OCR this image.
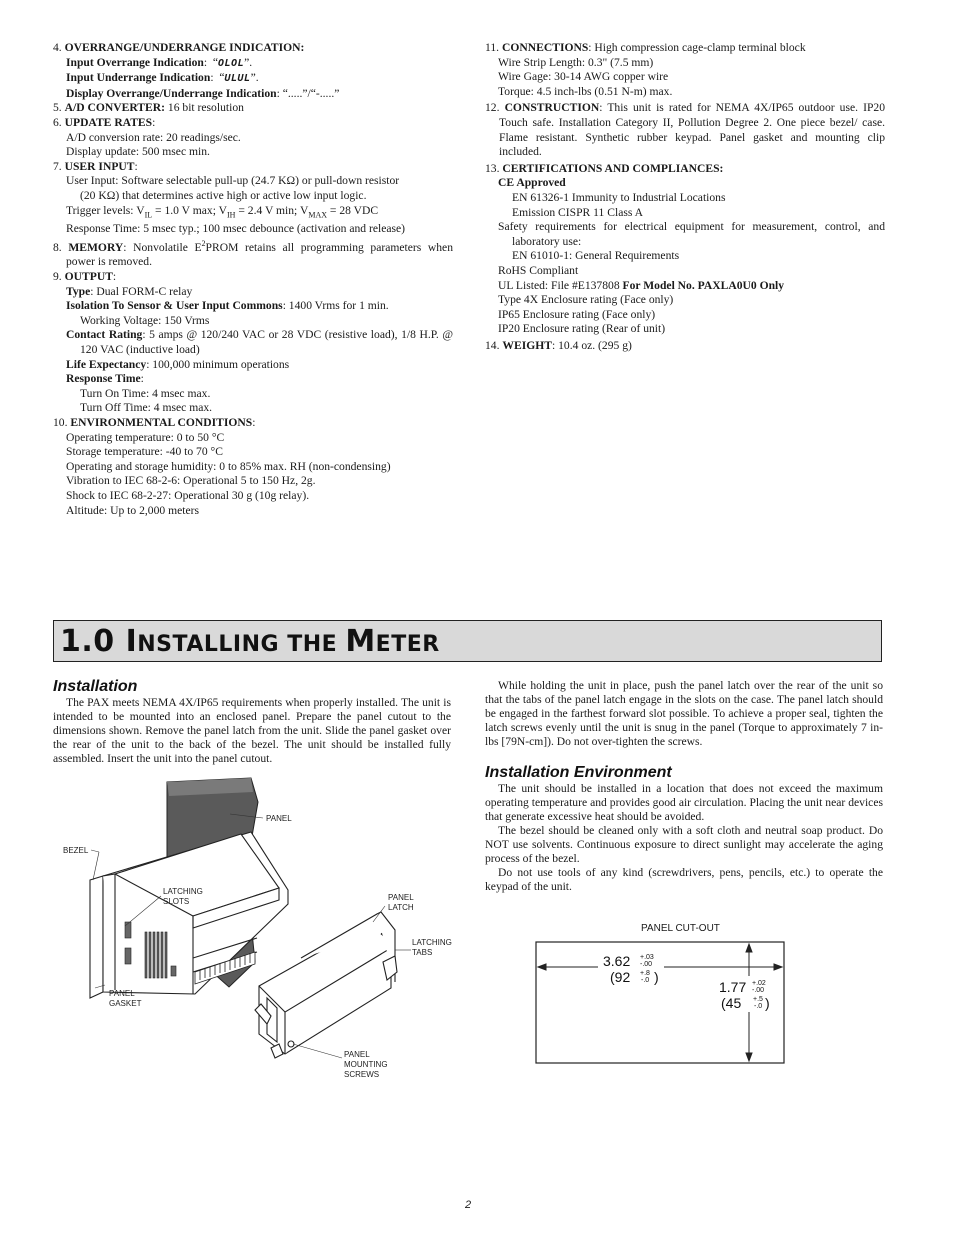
4. OVERRANGE/UNDERRANGE INDICATION:
Input Overrange Indication:  “OLOL”.
Input Underrange Indication:  “ULUL”.
Display Overrange/Underrange Indication: “.....”/“-.....”
5. A/D CONVERTER: 16 bit resolution
6. UPDATE RATES:
A/D conversion rate: 20 readings/sec.
Display update: 500 msec min.
7. USER INPUT:
User Input: Software selectable pull-up (24.7 KΩ) or pull-down resistor
(20 KΩ) that determines active high or active low input logic.
Trigger levels: $V_{IL} = 1.0$ V max; $V_{IH} = 2.4$ V min; $V_{MAX} = 28$ VDC
Response Time: 5 msec typ.; 100 msec debounce (activation and release)
8. MEMORY: Nonvolatile $E^2PROM$ retains all programming parameters when power is removed.
9. OUTPUT:
Type: Dual FORM-C relay
Isolation To Sensor & User Input Commons: 1400 Vrms for 1 min.
Working Voltage: 150 Vrms
Contact Rating: 5 amps @ 120/240 VAC or 28 VDC (resistive load), 1/8 H.P. @ 120 VAC (inductive load)
Life Expectancy: 100,000 minimum operations
Response Time:
Turn On Time: 4 msec max.
Turn Off Time: 4 msec max.
10. ENVIRONMENTAL CONDITIONS:
Operating temperature: 0 to 50 °C
Storage temperature: -40 to 70 °C
Operating and storage humidity: 0 to 85% max. RH (non-condensing)
Vibration to IEC 68-2-6: Operational 5 to 150 Hz, 2g.
Shock to IEC 68-2-27: Operational 30 g (10g relay).
Altitude: Up to 2,000 meters
11. CONNECTIONS: High compression cage-clamp terminal block
Wire Strip Length: 0.3" (7.5 mm)
Wire Gage: 30-14 AWG copper wire
Torque: 4.5 inch-lbs (0.51 N-m) max.
12. CONSTRUCTION: This unit is rated for NEMA 4X/IP65 outdoor use. IP20 Touch safe. Installation Category II, Pollution Degree 2. One piece bezel/ case. Flame resistant. Synthetic rubber keypad. Panel gasket and mounting clip included.
13. CERTIFICATIONS AND COMPLIANCES:
CE Approved
EN 61326-1 Immunity to Industrial Locations
Emission CISPR 11 Class A
Safety requirements for electrical equipment for measurement, control, and laboratory use:
EN 61010-1: General Requirements
RoHS Compliant
UL Listed: File #E137808 For Model No. PAXLA0U0 Only
Type 4X Enclosure rating (Face only)
IP65 Enclosure rating (Face only)
IP20 Enclosure rating (Rear of unit)
14. WEIGHT: 10.4 oz. (295 g)
1.0 INSTALLING THE METER
Installation

The PAX meets NEMA 4X/IP65 requirements when properly installed. The unit is intended to be mounted into an enclosed panel. Prepare the panel cutout to the dimensions shown. Remove the panel latch from the unit. Slide the panel gasket over the rear of the unit to the back of the bezel. The unit should be installed fully assembled. Insert the unit into the panel cutout.

PANEL
BEZEL
LATCHING
SLOTS	PANEL
LATCH
LATCHING
TABS
PANEL
GASKET
PANEL
MOUNTING
SCREWS

While holding the unit in place, push the panel latch over the rear of the unit so that the tabs of the panel latch engage in the slots on the case. The panel latch should be engaged in the farthest forward slot possible. To achieve a proper seal, tighten the latch screws evenly until the unit is snug in the panel (Torque to approximately 7 in-lbs [79N-cm]). Do not over-tighten the screws.

Installation Environment

The unit should be installed in a location that does not exceed the maximum operating temperature and provides good air circulation. Placing the unit near devices that generate excessive heat should be avoided.

The bezel should be cleaned only with a soft cloth and neutral soap product. Do NOT use solvents. Continuous exposure to direct sunlight may accelerate the aging process of the bezel.

Do not use tools of any kind (screwdrivers, pens, pencils, etc.) to operate the keypad of the unit.

PANEL CUT-OUT
3.62 +.03
-.00
(92 +.8
-.0 )
1.77 +.02
-.00
(45 +.5
-.0 )
2
